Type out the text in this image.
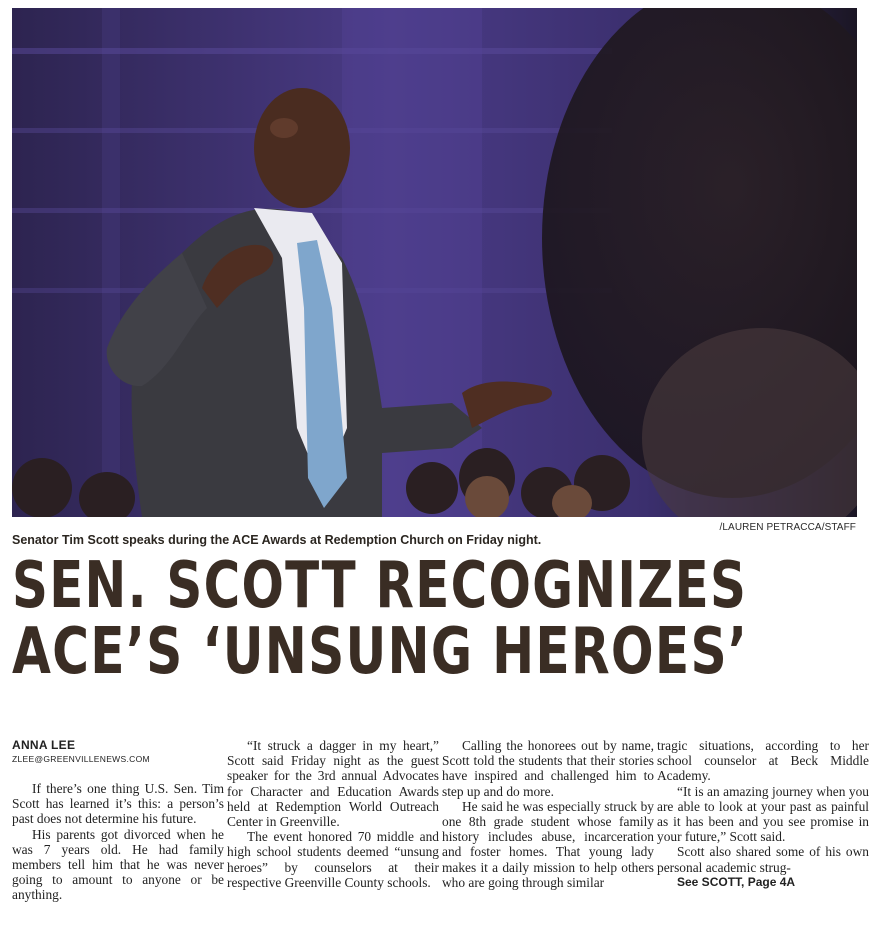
/LAUREN PETRACCA/STAFF
Senator Tim Scott speaks during the ACE Awards at Redemption Church on Friday night.
SEN. SCOTT RECOGNIZES
ACE’S ‘UNSUNG HEROES’
ANNA LEE
ZLEE@GREENVILLENEWS.COM

If there’s one thing U.S. Sen. Tim Scott has learned it’s this: a person’s past does not determine his future.

His parents got divorced when he was 7 years old. He had family members tell him that he was never going to amount to anyone or be anything.

“It struck a dagger in my heart,” Scott said Friday night as the guest speaker for the 3rd annual Advocates for Character and Education Awards held at Redemption World Outreach Center in Greenville.

The event honored 70 middle and high school students deemed “unsung heroes” by counselors at their respective Greenville County schools.

Calling the honorees out by name, Scott told the students that their stories have inspired and challenged him to step up and do more.

He said he was especially struck by one 8th grade student whose family history includes abuse, incarceration and foster homes. That young lady makes it a daily mission to help others who are going through similar

tragic situations, according to her school counselor at Beck Middle Academy.

“It is an amazing journey when you are able to look at your past as painful as it has been and you see promise in your future,” Scott said.

Scott also shared some of his own personal academic strug-

See SCOTT, Page 4A
